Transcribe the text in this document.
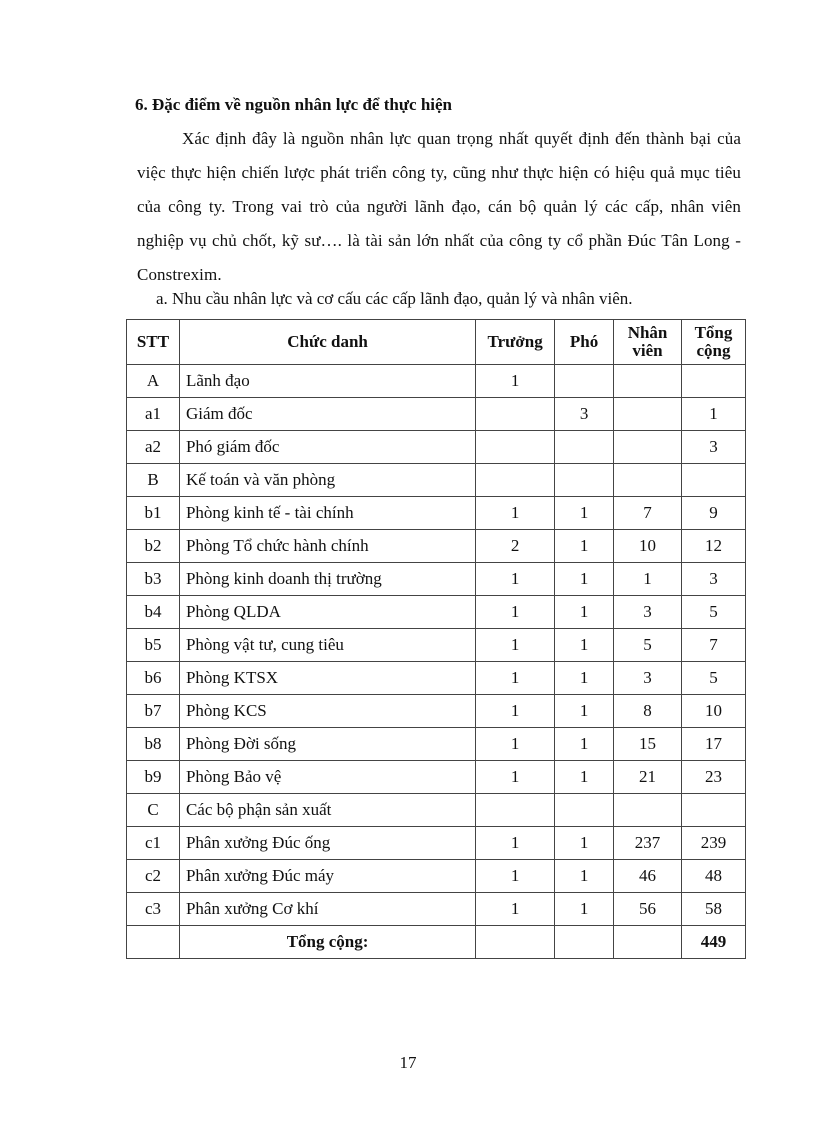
6. Đặc điểm về nguồn nhân lực để thực hiện

Xác định đây là nguồn nhân lực quan trọng nhất quyết định đến thành bại của việc thực hiện chiến lược phát triển công ty, cũng như thực hiện có hiệu quả mục tiêu của công ty. Trong vai trò của người lãnh đạo, cán bộ quản lý các cấp, nhân viên nghiệp vụ chủ chốt, kỹ sư…. là tài sản lớn nhất của công ty cổ phần Đúc Tân Long - Constrexim.

a. Nhu cầu nhân lực và cơ cấu các cấp lãnh đạo, quản lý và nhân viên.

STT	Chức danh	Trưởng	Phó	Nhân viên	Tổng cộng
A	Lãnh đạo	1			
a1	Giám đốc		3		1
a2	Phó giám đốc				3
B	Kế toán và văn phòng				
b1	Phòng kinh tế - tài chính	1	1	7	9
b2	Phòng Tổ chức hành chính	2	1	10	12
b3	Phòng kinh doanh thị trường	1	1	1	3
b4	Phòng QLDA	1	1	3	5
b5	Phòng vật tư, cung tiêu	1	1	5	7
b6	Phòng KTSX	1	1	3	5
b7	Phòng KCS	1	1	8	10
b8	Phòng Đời sống	1	1	15	17
b9	Phòng Bảo vệ	1	1	21	23
C	Các bộ phận sản xuất				
c1	Phân xưởng Đúc ống	1	1	237	239
c2	Phân xưởng Đúc máy	1	1	46	48
c3	Phân xưởng Cơ khí	1	1	56	58
	Tổng cộng:				449

17
